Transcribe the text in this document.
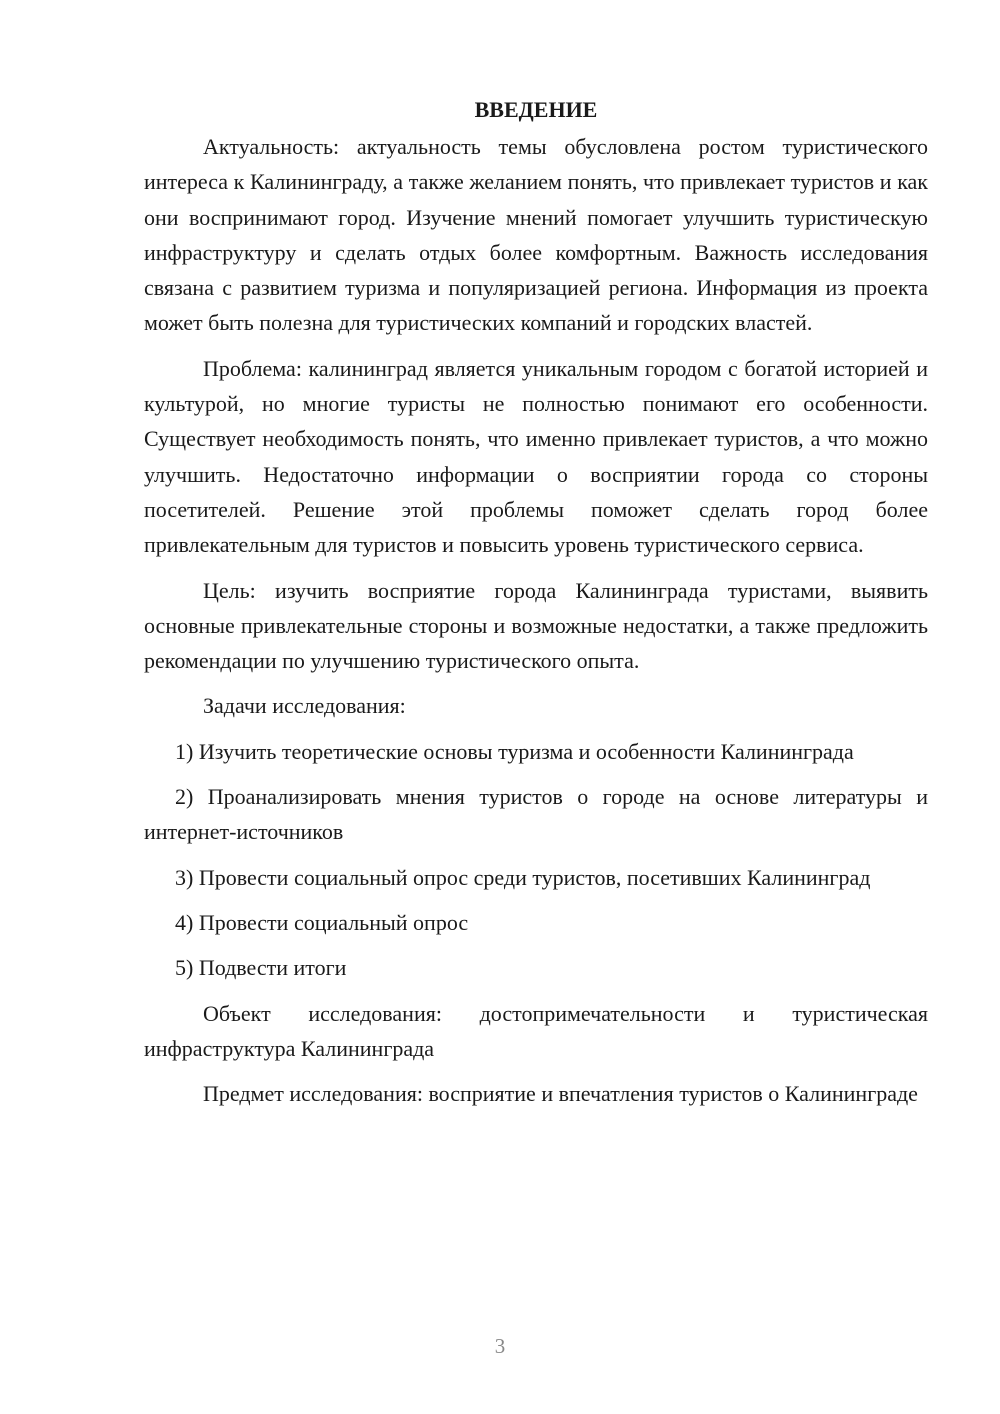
ВВЕДЕНИЕ

Актуальность: актуальность темы обусловлена ростом туристического интереса к Калининграду, а также желанием понять, что привлекает туристов и как они воспринимают город. Изучение мнений помогает улучшить туристическую инфраструктуру и сделать отдых более комфортным. Важность исследования связана с развитием туризма и популяризацией региона. Информация из проекта может быть полезна для туристических компаний и городских властей.

Проблема: калининград является уникальным городом с богатой историей и культурой, но многие туристы не полностью понимают его особенности. Существует необходимость понять, что именно привлекает туристов, а что можно улучшить. Недостаточно информации о восприятии города со стороны посетителей. Решение этой проблемы поможет сделать город более привлекательным для туристов и повысить уровень туристического сервиса.

Цель: изучить восприятие города Калининграда туристами, выявить основные привлекательные стороны и возможные недостатки, а также предложить рекомендации по улучшению туристического опыта.

Задачи исследования:

1) Изучить теоретические основы туризма и особенности Калининграда

2) Проанализировать мнения туристов о городе на основе литературы и интернет-источников

3) Провести социальный опрос среди туристов, посетивших Калининград

4) Провести социальный опрос

5) Подвести итоги

Объект исследования: достопримечательности и туристическая инфраструктура Калининграда

Предмет исследования: восприятие и впечатления туристов о Калининграде

3
